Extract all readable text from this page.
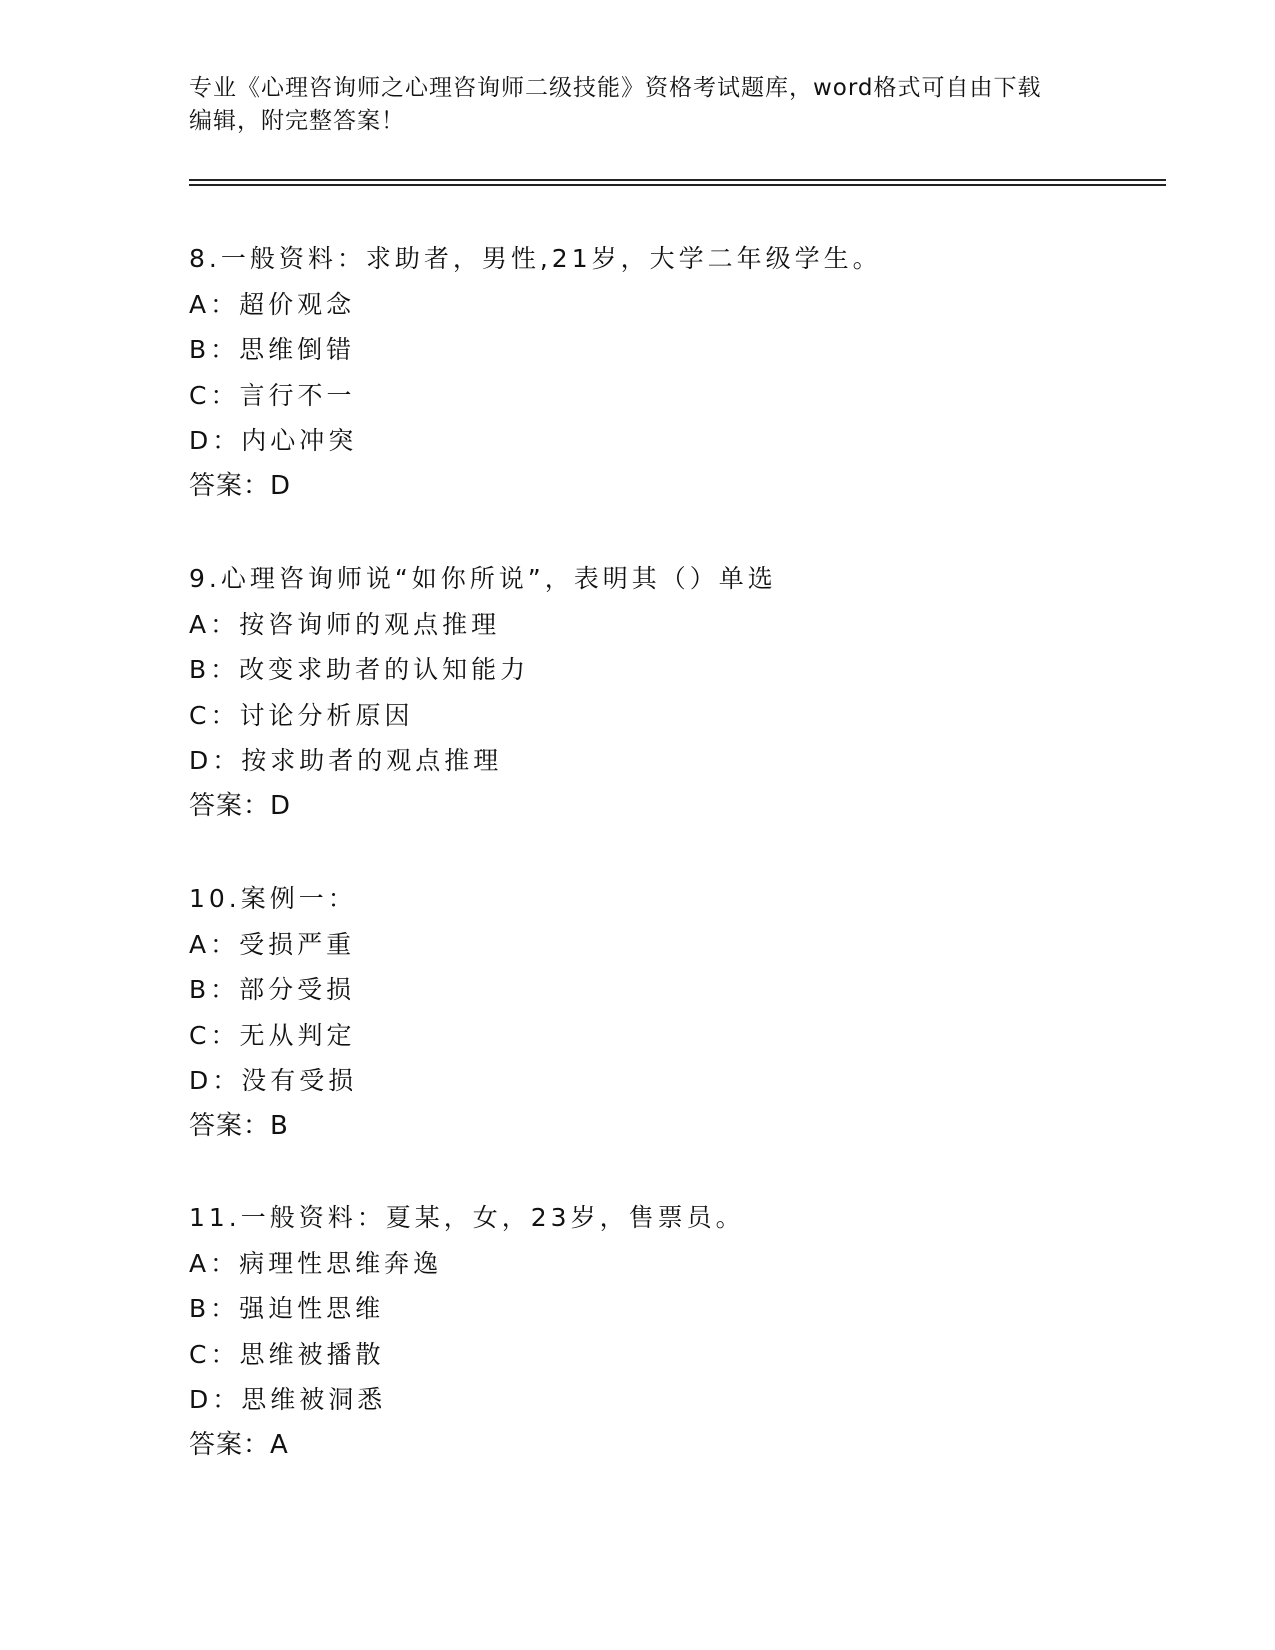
专业《心理咨询师之心理咨询师二级技能》资格考试题库，word格式可自由下载
编辑，附完整答案！
8.一般资料：求助者，男性,21岁，大学二年级学生。
A：超价观念
B：思维倒错
C：言行不一
D：内心冲突
答案：D
9.心理咨询师说“如你所说”，表明其（）单选
A：按咨询师的观点推理
B：改变求助者的认知能力
C：讨论分析原因
D：按求助者的观点推理
答案：D
10.案例一：
A：受损严重
B：部分受损
C：无从判定
D：没有受损
答案：B
11.一般资料：夏某，女，23岁，售票员。
A：病理性思维奔逸
B：强迫性思维
C：思维被播散
D：思维被洞悉
答案：A
